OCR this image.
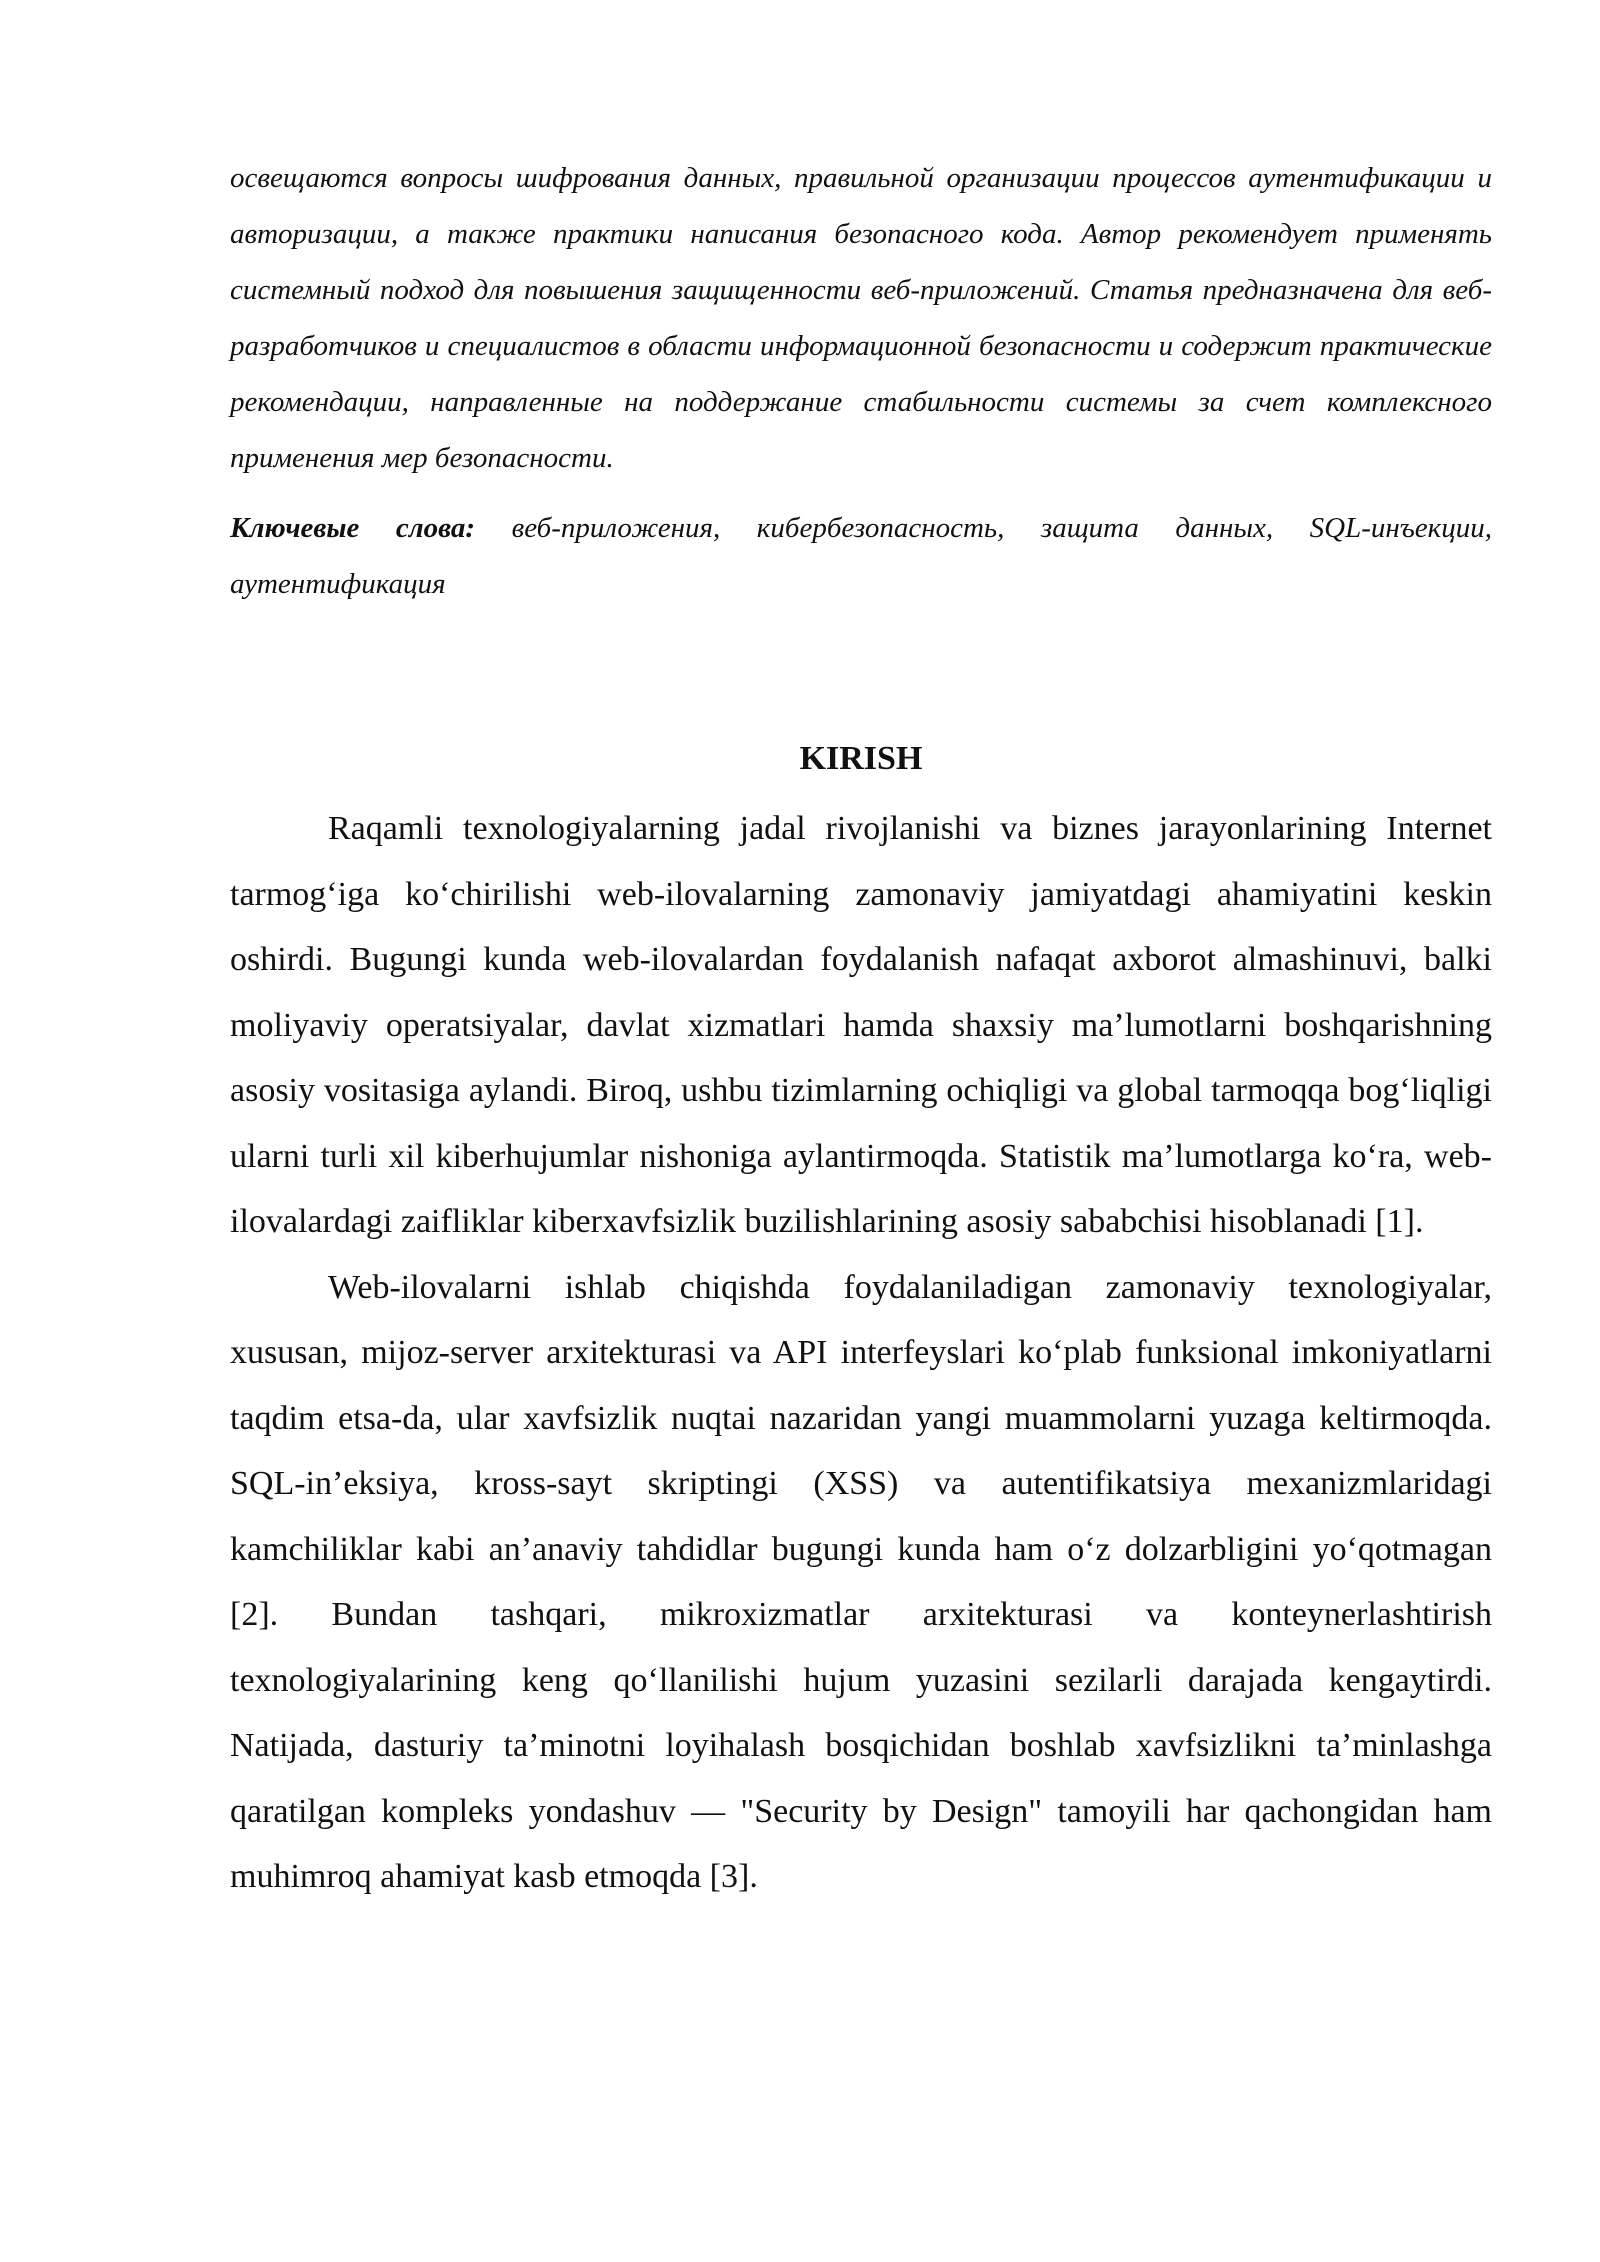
освещаются вопросы шифрования данных, правильной организации процессов аутентификации и авторизации, а также практики написания безопасного кода. Автор рекомендует применять системный подход для повышения защищенности веб-приложений. Статья предназначена для веб-разработчиков и специалистов в области информационной безопасности и содержит практические рекомендации, направленные на поддержание стабильности системы за счет комплексного применения мер безопасности.

Ключевые слова: веб-приложения, кибербезопасность, защита данных, SQL-инъекции, аутентификация

KIRISH

Raqamli texnologiyalarning jadal rivojlanishi va biznes jarayonlarining Internet tarmog‘iga ko‘chirilishi web-ilovalarning zamonaviy jamiyatdagi ahamiyatini keskin oshirdi. Bugungi kunda web-ilovalardan foydalanish nafaqat axborot almashinuvi, balki moliyaviy operatsiyalar, davlat xizmatlari hamda shaxsiy ma’lumotlarni boshqarishning asosiy vositasiga aylandi. Biroq, ushbu tizimlarning ochiqligi va global tarmoqqa bog‘liqligi ularni turli xil kiberhujumlar nishoniga aylantirmoqda. Statistik ma’lumotlarga ko‘ra, web-ilovalardagi zaifliklar kiberxavfsizlik buzilishlarining asosiy sababchisi hisoblanadi [1].

Web-ilovalarni ishlab chiqishda foydalaniladigan zamonaviy texnologiyalar, xususan, mijoz-server arxitekturasi va API interfeyslari ko‘plab funksional imkoniyatlarni taqdim etsa-da, ular xavfsizlik nuqtai nazaridan yangi muammolarni yuzaga keltirmoqda. SQL-in’eksiya, kross-sayt skriptingi (XSS) va autentifikatsiya mexanizmlaridagi kamchiliklar kabi an’anaviy tahdidlar bugungi kunda ham o‘z dolzarbligini yo‘qotmagan [2]. Bundan tashqari, mikroxizmatlar arxitekturasi va konteynerlashtirish texnologiyalarining keng qo‘llanilishi hujum yuzasini sezilarli darajada kengaytirdi. Natijada, dasturiy ta’minotni loyihalash bosqichidan boshlab xavfsizlikni ta’minlashga qaratilgan kompleks yondashuv — "Security by Design" tamoyili har qachongidan ham muhimroq ahamiyat kasb etmoqda [3].
